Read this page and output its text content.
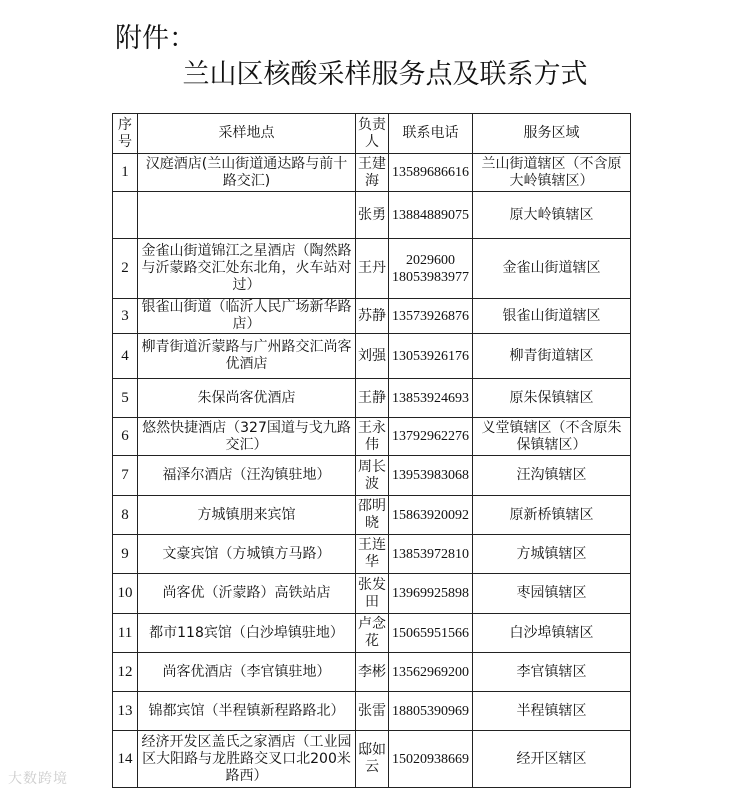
附件：
兰山区核酸采样服务点及联系方式
序号	采样地点	负责人	联系电话	服务区域
1	汉庭酒店(兰山街道通达路与前十路交汇)	王建海	13589686616	兰山街道辖区（不含原大岭镇辖区）
		张勇	13884889075	原大岭镇辖区
2	金雀山街道锦江之星酒店（陶然路与沂蒙路交汇处东北角，火车站对过）	王丹	2029600 18053983977	金雀山街道辖区
3	银雀山街道（临沂人民广场新华路店）	苏静	13573926876	银雀山街道辖区
4	柳青街道沂蒙路与广州路交汇尚客优酒店	刘强	13053926176	柳青街道辖区
5	朱保尚客优酒店	王静	13853924693	原朱保镇辖区
6	悠然快捷酒店（327国道与戈九路交汇）	王永伟	13792962276	义堂镇辖区（不含原朱保镇辖区）
7	福泽尔酒店（汪沟镇驻地）	周长波	13953983068	汪沟镇辖区
8	方城镇朋来宾馆	邵明晓	15863920092	原新桥镇辖区
9	文豪宾馆（方城镇方马路）	王连华	13853972810	方城镇辖区
10	尚客优（沂蒙路）高铁站店	张发田	13969925898	枣园镇辖区
11	都市118宾馆（白沙埠镇驻地）	卢念花	15065951566	白沙埠镇辖区
12	尚客优酒店（李官镇驻地）	李彬	13562969200	李官镇辖区
13	锦都宾馆（半程镇新程路路北）	张雷	18805390969	半程镇辖区
14	经济开发区盖氏之家酒店（工业园区大阳路与龙胜路交叉口北200米路西）	邸如云	15020938669	经开区辖区
大数跨境
